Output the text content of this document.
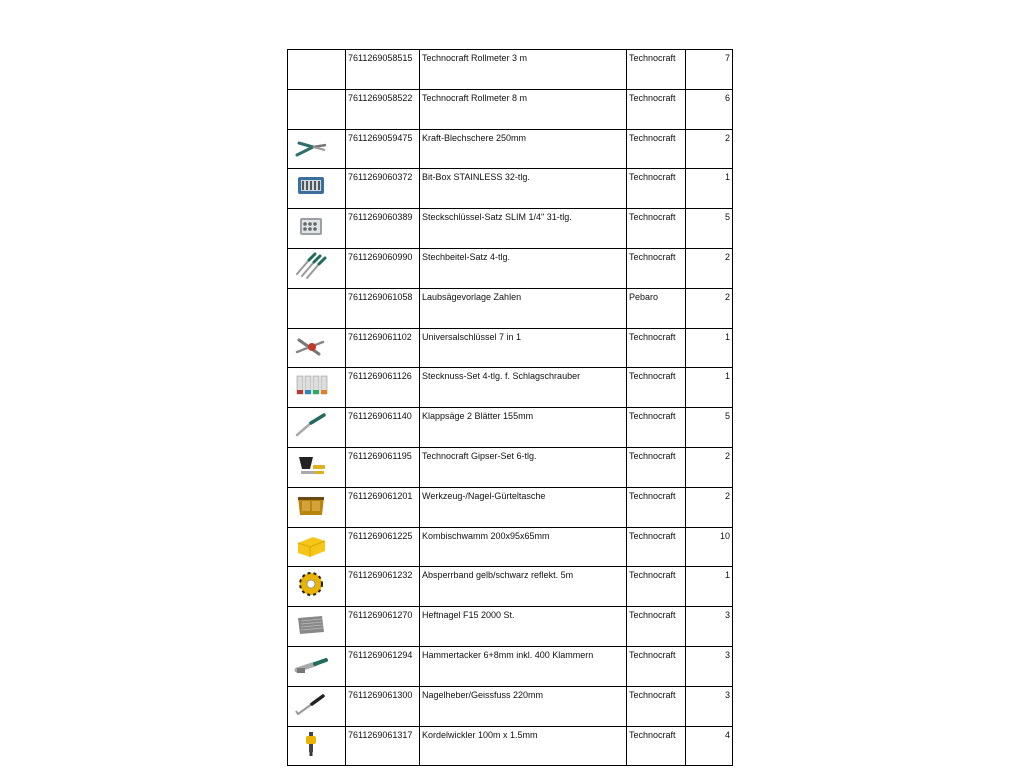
	7611269058515	Technocraft Rollmeter 3 m	Technocraft	7
	7611269058522	Technocraft Rollmeter 8 m	Technocraft	6

	7611269059475	Kraft-Blechschere 250mm	Technocraft	2

	7611269060372	Bit-Box STAINLESS 32-tlg.	Technocraft	1

	7611269060389	Steckschlüssel-Satz SLIM 1/4" 31-tlg.	Technocraft	5

	7611269060990	Stechbeitel-Satz 4-tlg.	Technocraft	2
	7611269061058	Laubsägevorlage Zahlen	Pebaro	2

	7611269061102	Universalschlüssel 7 in 1	Technocraft	1

	7611269061126	Stecknuss-Set 4-tlg. f. Schlagschrauber	Technocraft	1

	7611269061140	Klappsäge 2 Blätter 155mm	Technocraft	5

	7611269061195	Technocraft Gipser-Set 6-tlg.	Technocraft	2

	7611269061201	Werkzeug-/Nagel-Gürteltasche	Technocraft	2

	7611269061225	Kombischwamm 200x95x65mm	Technocraft	10

	7611269061232	Absperrband gelb/schwarz reflekt. 5m	Technocraft	1

	7611269061270	Heftnagel F15 2000 St.	Technocraft	3

	7611269061294	Hammertacker 6+8mm inkl. 400 Klammern	Technocraft	3

	7611269061300	Nagelheber/Geissfuss 220mm	Technocraft	3

	7611269061317	Kordelwickler 100m x 1.5mm	Technocraft	4
